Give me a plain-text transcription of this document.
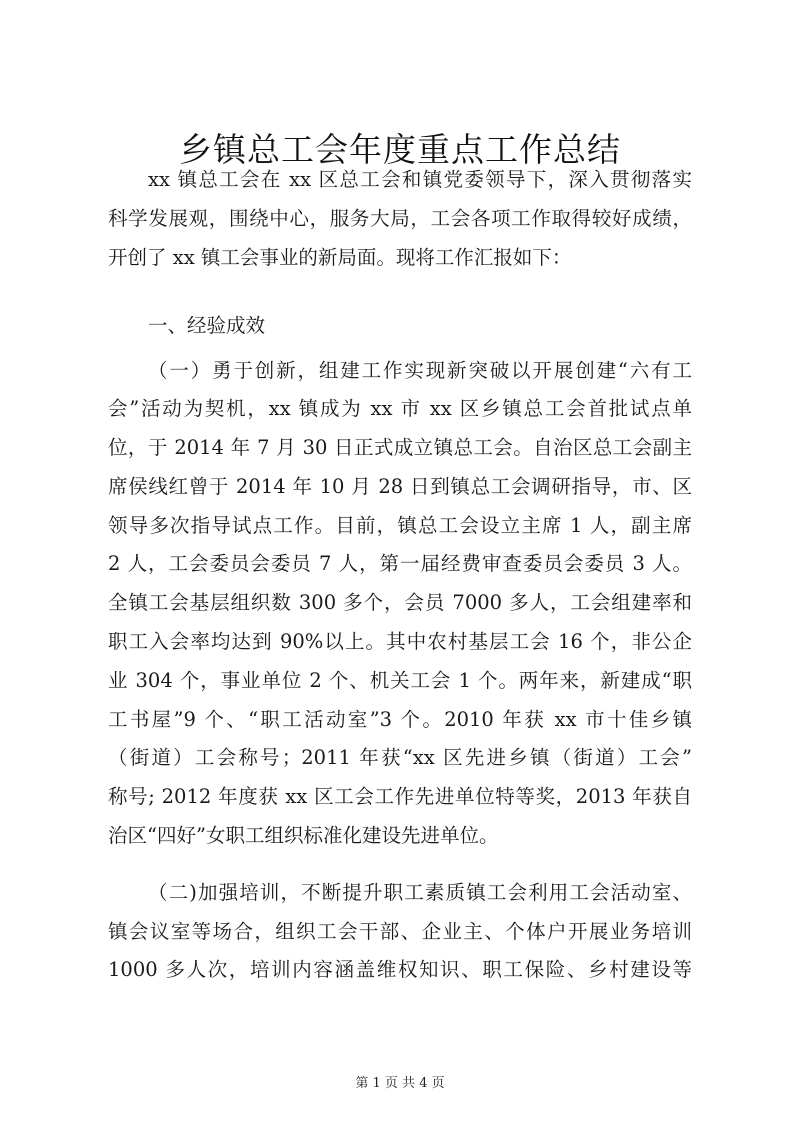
乡镇总工会年度重点工作总结
xx 镇总工会在 xx 区总工会和镇党委领导下，深入贯彻落实
科学发展观，围绕中心，服务大局，工会各项工作取得较好成绩，
开创了 xx 镇工会事业的新局面。现将工作汇报如下：
一、经验成效
（一）勇于创新，组建工作实现新突破以开展创建“六有工
会”活动为契机，xx 镇成为 xx 市 xx 区乡镇总工会首批试点单
位，于 2014 年 7 月 30 日正式成立镇总工会。自治区总工会副主
席侯线红曾于 2014 年 10 月 28 日到镇总工会调研指导，市、区
领导多次指导试点工作。目前，镇总工会设立主席 1 人，副主席
2 人，工会委员会委员 7 人，第一届经费审查委员会委员 3 人。
全镇工会基层组织数 300 多个，会员 7000 多人，工会组建率和
职工入会率均达到 90%以上。其中农村基层工会 16 个，非公企
业 304 个，事业单位 2 个、机关工会 1 个。两年来，新建成“职
工书屋”9 个、“职工活动室”3 个。2010 年获 xx 市十佳乡镇
（街道）工会称号；2011 年获“xx 区先进乡镇（街道）工会”
称号; 2012 年度获 xx 区工会工作先进单位特等奖，2013 年获自
治区“四好”女职工组织标准化建设先进单位。
（二)加强培训，不断提升职工素质镇工会利用工会活动室、
镇会议室等场合，组织工会干部、企业主、个体户开展业务培训
1000 多人次，培训内容涵盖维权知识、职工保险、乡村建设等
第 1 页 共 4 页
